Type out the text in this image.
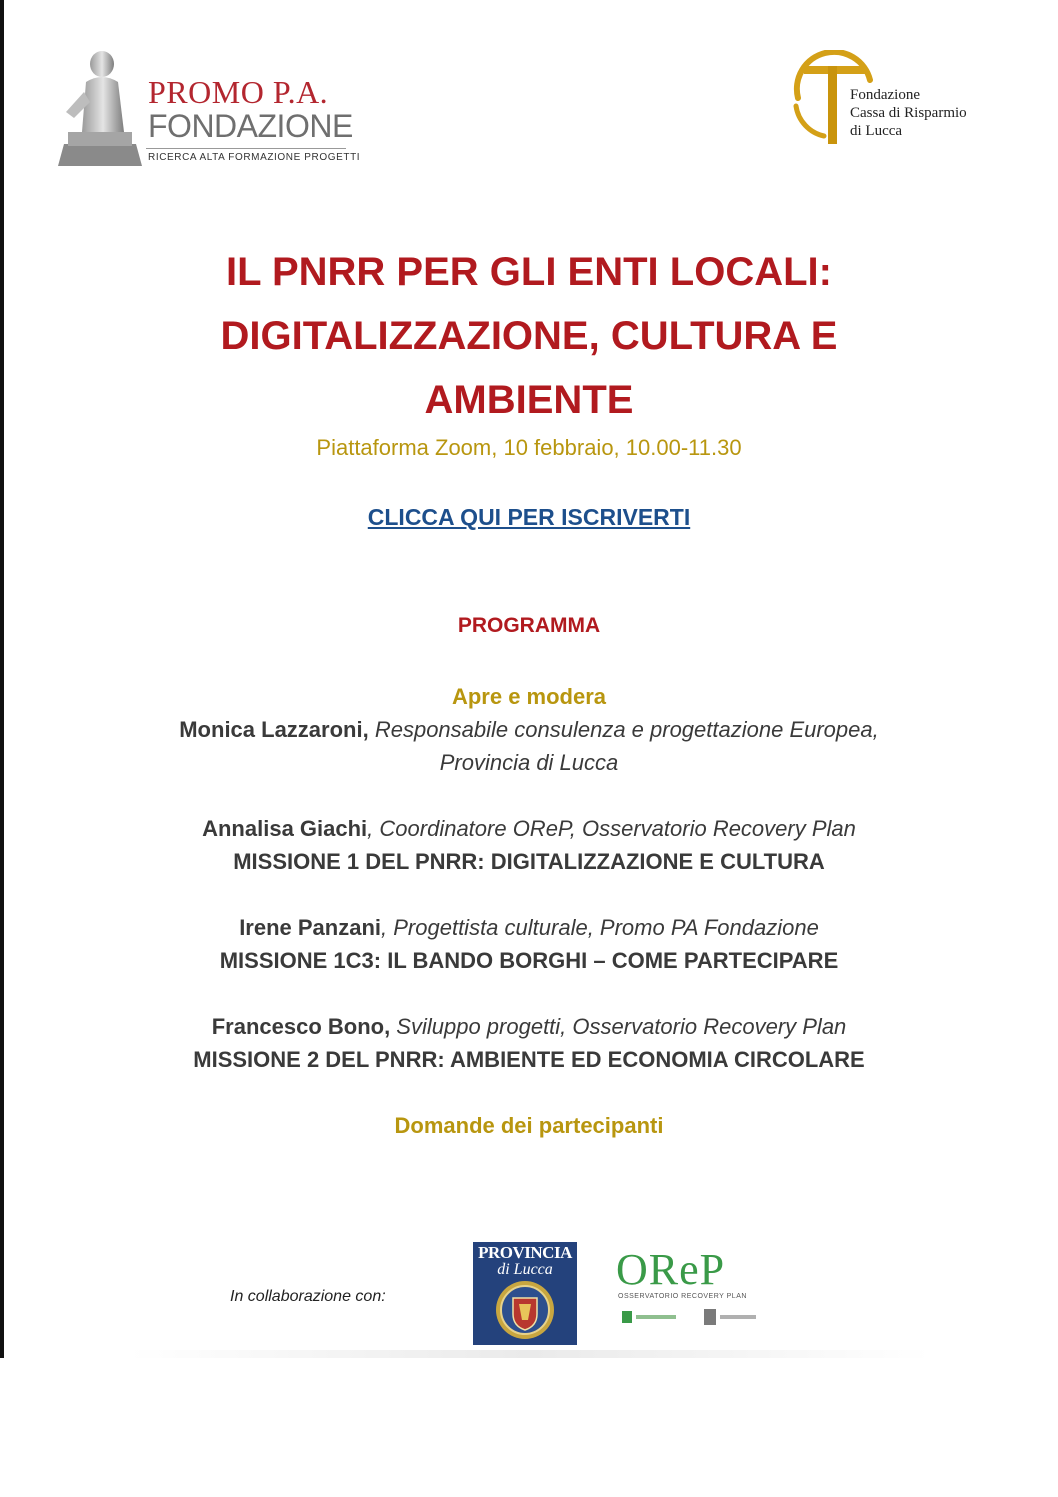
PROMO P.A.
FONDAZIONE
RICERCA ALTA FORMAZIONE PROGETTI
Fondazione
Cassa di Risparmio
di Lucca
IL PNRR PER GLI ENTI LOCALI:
DIGITALIZZAZIONE, CULTURA E
AMBIENTE
Piattaforma Zoom, 10 febbraio, 10.00-11.30
CLICCA QUI PER ISCRIVERTI
PROGRAMMA
Apre e modera
Monica Lazzaroni, Responsabile consulenza e progettazione Europea,
Provincia di Lucca
Annalisa Giachi, Coordinatore OReP, Osservatorio Recovery Plan
MISSIONE 1 DEL PNRR: DIGITALIZZAZIONE E CULTURA
Irene Panzani, Progettista culturale, Promo PA Fondazione
MISSIONE 1C3: IL BANDO BORGHI – COME PARTECIPARE
Francesco Bono, Sviluppo progetti, Osservatorio Recovery Plan
MISSIONE 2 DEL PNRR: AMBIENTE ED ECONOMIA CIRCOLARE
Domande dei partecipanti
In collaborazione con:
PROVINCIA
di Lucca	OReP
OSSERVATORIO RECOVERY PLAN
